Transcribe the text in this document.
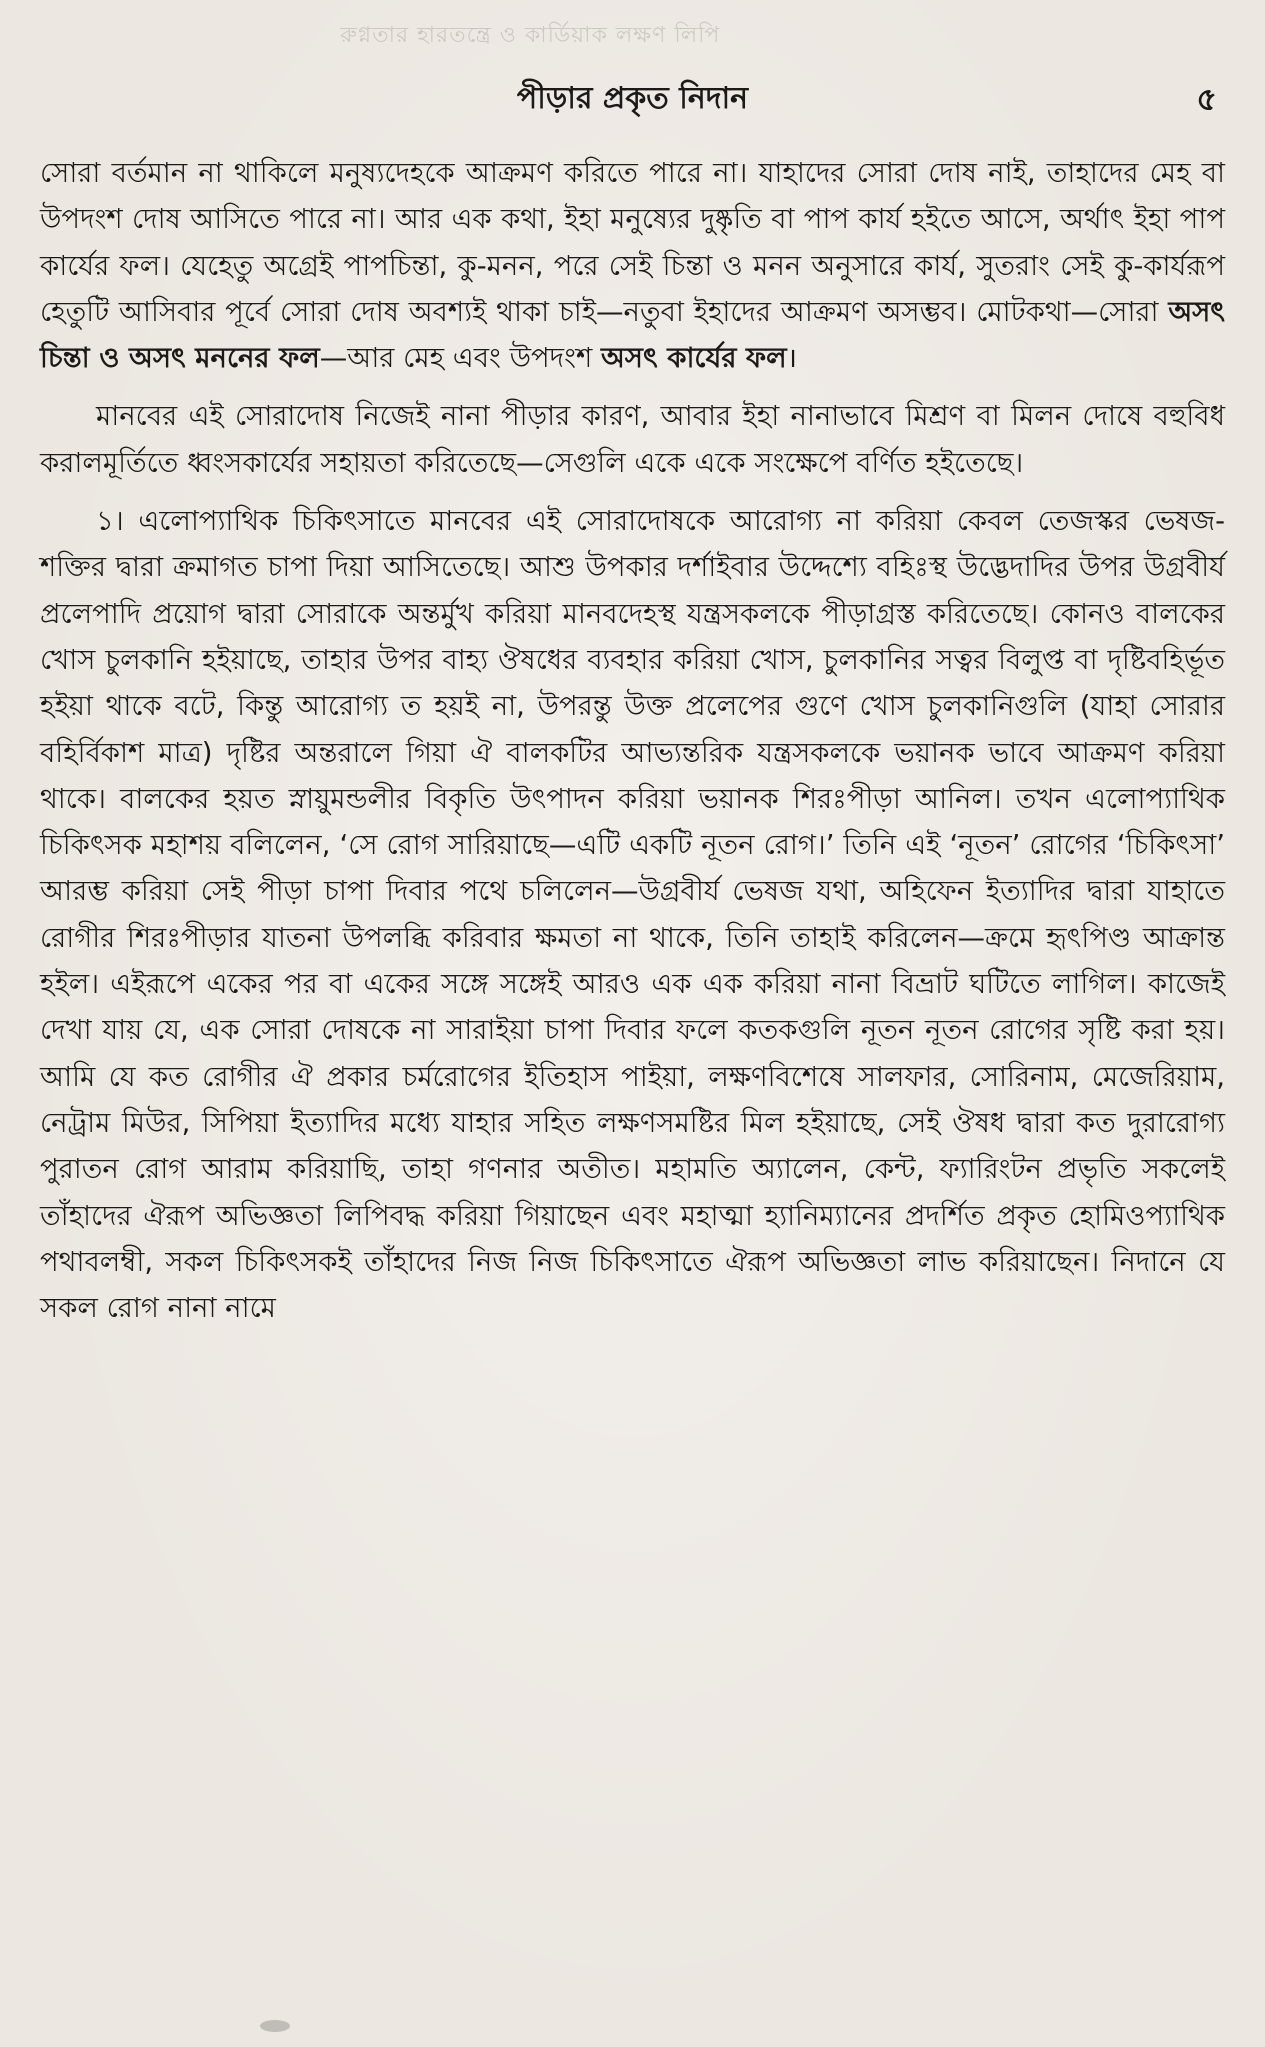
রুগ্নতার হারতন্ত্রে ও কার্ডিয়াক লক্ষণ লিপি
পীড়ার প্রকৃত নিদান	৫

সোরা বর্তমান না থাকিলে মনুষ্যদেহকে আক্রমণ করিতে পারে না। যাহাদের সোরা দোষ নাই, তাহাদের মেহ বা উপদংশ দোষ আসিতে পারে না। আর এক কথা, ইহা মনুষ্যের দুষ্কৃতি বা পাপ কার্য হইতে আসে, অর্থাৎ ইহা পাপ কার্যের ফল। যেহেতু অগ্রেই পাপচিন্তা, কু-মনন, পরে সেই চিন্তা ও মনন অনুসারে কার্য, সুতরাং সেই কু-কার্যরূপ হেতুটি আসিবার পূর্বে সোরা দোষ অবশ্যই থাকা চাই—নতুবা ইহাদের আক্রমণ অসম্ভব। মোটকথা—সোরা অসৎ চিন্তা ও অসৎ মননের ফল—আর মেহ এবং উপদংশ অসৎ কার্যের ফল।

মানবের এই সোরাদোষ নিজেই নানা পীড়ার কারণ, আবার ইহা নানাভাবে মিশ্রণ বা মিলন দোষে বহুবিধ করালমূর্তিতে ধ্বংসকার্যের সহায়তা করিতেছে—সেগুলি একে একে সংক্ষেপে বর্ণিত হইতেছে।

১। এলোপ্যাথিক চিকিৎসাতে মানবের এই সোরাদোষকে আরোগ্য না করিয়া কেবল তেজস্কর ভেষজ-শক্তির দ্বারা ক্রমাগত চাপা দিয়া আসিতেছে। আশু উপকার দর্শাইবার উদ্দেশ্যে বহিঃস্থ উদ্ভেদাদির উপর উগ্রবীর্য প্রলেপাদি প্রয়োগ দ্বারা সোরাকে অন্তর্মুখ করিয়া মানবদেহস্থ যন্ত্রসকলকে পীড়াগ্রস্ত করিতেছে। কোনও বালকের খোস চুলকানি হইয়াছে, তাহার উপর বাহ্য ঔষধের ব্যবহার করিয়া খোস, চুলকানির সত্বর বিলুপ্ত বা দৃষ্টিবহির্ভূত হইয়া থাকে বটে, কিন্তু আরোগ্য ত হয়ই না, উপরন্তু উক্ত প্রলেপের গুণে খোস চুলকানিগুলি (যাহা সোরার বহির্বিকাশ মাত্র) দৃষ্টির অন্তরালে গিয়া ঐ বালকটির আভ্যন্তরিক যন্ত্রসকলকে ভয়ানক ভাবে আক্রমণ করিয়া থাকে। বালকের হয়ত স্নায়ুমন্ডলীর বিকৃতি উৎপাদন করিয়া ভয়ানক শিরঃপীড়া আনিল। তখন এলোপ্যাথিক চিকিৎসক মহাশয় বলিলেন, ‘সে রোগ সারিয়াছে—এটি একটি নূতন রোগ।’ তিনি এই ‘নূতন’ রোগের ‘চিকিৎসা’ আরম্ভ করিয়া সেই পীড়া চাপা দিবার পথে চলিলেন—উগ্রবীর্য ভেষজ যথা, অহিফেন ইত্যাদির দ্বারা যাহাতে রোগীর শিরঃপীড়ার যাতনা উপলব্ধি করিবার ক্ষমতা না থাকে, তিনি তাহাই করিলেন—ক্রমে হৃৎপিণ্ড আক্রান্ত হইল। এইরূপে একের পর বা একের সঙ্গে সঙ্গেই আরও এক এক করিয়া নানা বিভ্রাট ঘটিতে লাগিল। কাজেই দেখা যায় যে, এক সোরা দোষকে না সারাইয়া চাপা দিবার ফলে কতকগুলি নূতন নূতন রোগের সৃষ্টি করা হয়। আমি যে কত রোগীর ঐ প্রকার চর্মরোগের ইতিহাস পাইয়া, লক্ষণবিশেষে সালফার, সোরিনাম, মেজেরিয়াম, নেট্রাম মিউর, সিপিয়া ইত্যাদির মধ্যে যাহার সহিত লক্ষণসমষ্টির মিল হইয়াছে, সেই ঔষধ দ্বারা কত দুরারোগ্য পুরাতন রোগ আরাম করিয়াছি, তাহা গণনার অতীত। মহামতি অ্যালেন, কেন্ট, ফ্যারিংটন প্রভৃতি সকলেই তাঁহাদের ঐরূপ অভিজ্ঞতা লিপিবদ্ধ করিয়া গিয়াছেন এবং মহাত্মা হ্যানিম্যানের প্রদর্শিত প্রকৃত হোমিওপ্যাথিক পথাবলম্বী, সকল চিকিৎসকই তাঁহাদের নিজ নিজ চিকিৎসাতে ঐরূপ অভিজ্ঞতা লাভ করিয়াছেন। নিদানে যে সকল রোগ নানা নামে
